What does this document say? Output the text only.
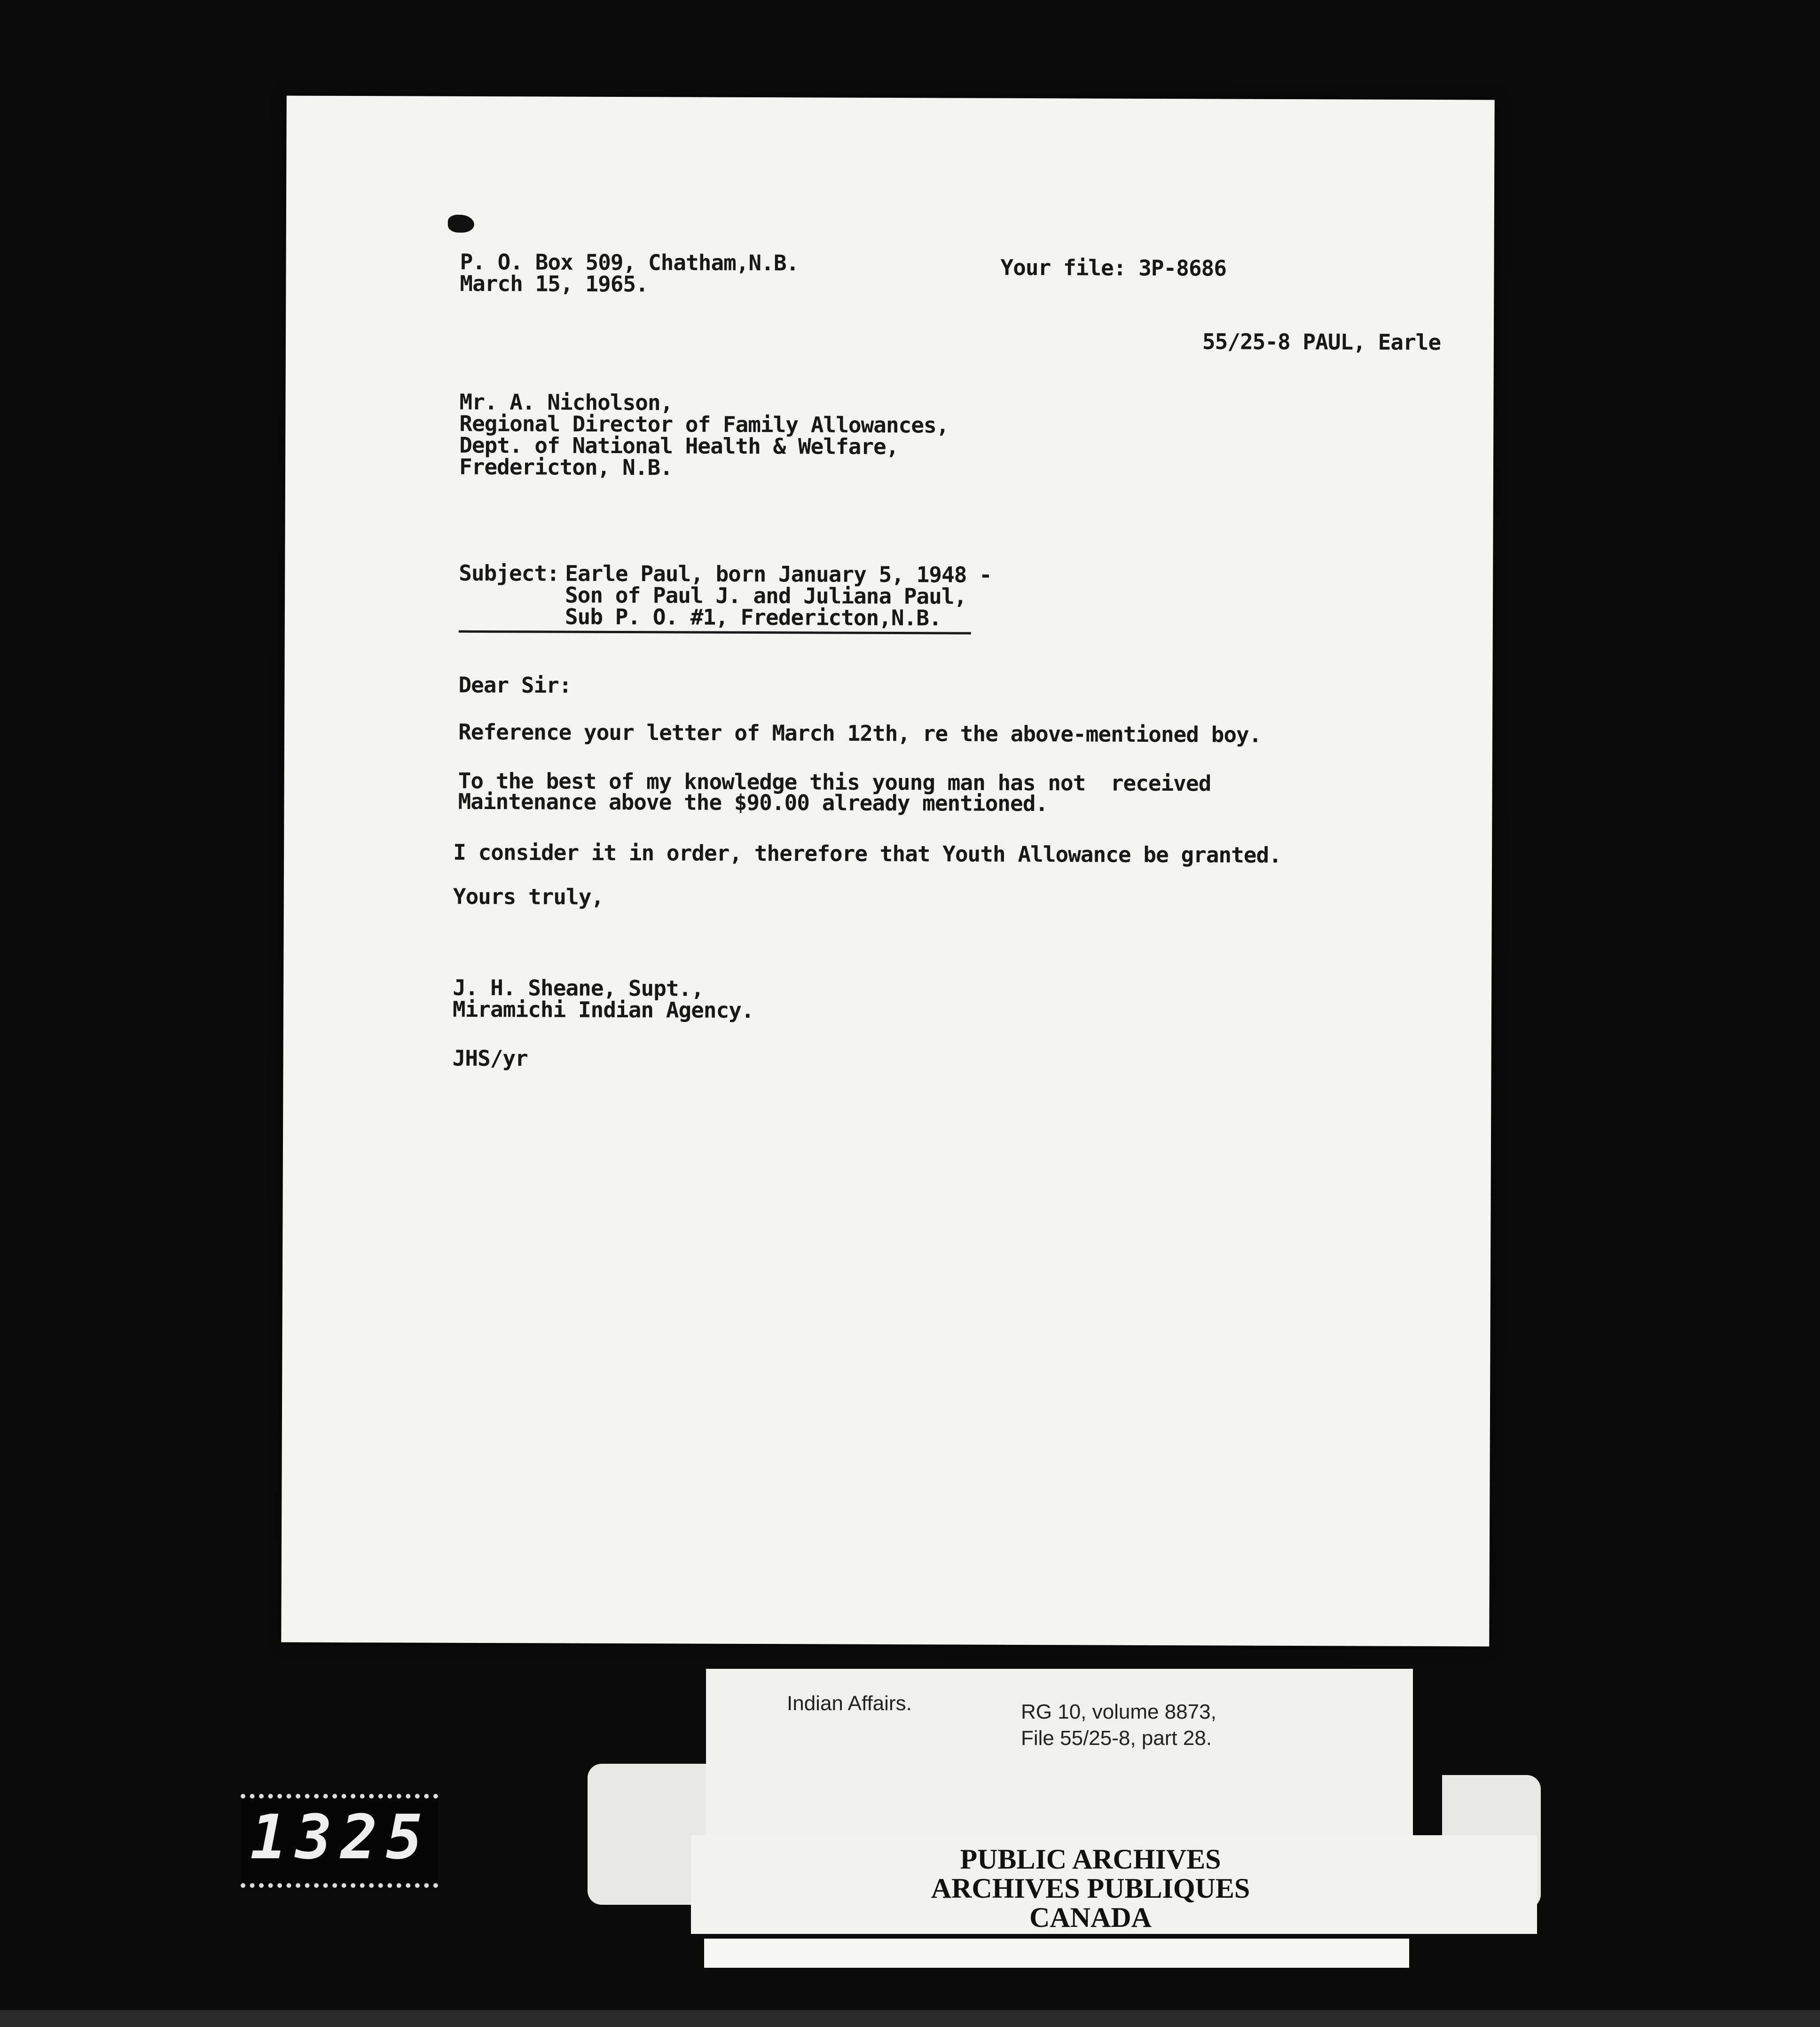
P. O. Box 509, Chatham,N.B.
March 15, 1965.
Your file: 3P-8686
55/25-8 PAUL, Earle
Mr. A. Nicholson,
Regional Director of Family Allowances,
Dept. of National Health & Welfare,
Fredericton, N.B.
Subject: Earle Paul, born January 5, 1948 -
Son of Paul J. and Juliana Paul,
Sub P. O. #1, Fredericton,N.B.
Dear Sir:
Reference your letter of March 12th, re the above-mentioned boy.
To the best of my knowledge this young man has not  received
Maintenance above the $90.00 already mentioned.
I consider it in order, therefore that Youth Allowance be granted.
Yours truly,
J. H. Sheane, Supt.,
Miramichi Indian Agency.
JHS/yr
1325
Indian Affairs.	RG 10, volume 8873,
File 55/25-8, part 28.
PUBLIC ARCHIVES
ARCHIVES PUBLIQUES
CANADA
